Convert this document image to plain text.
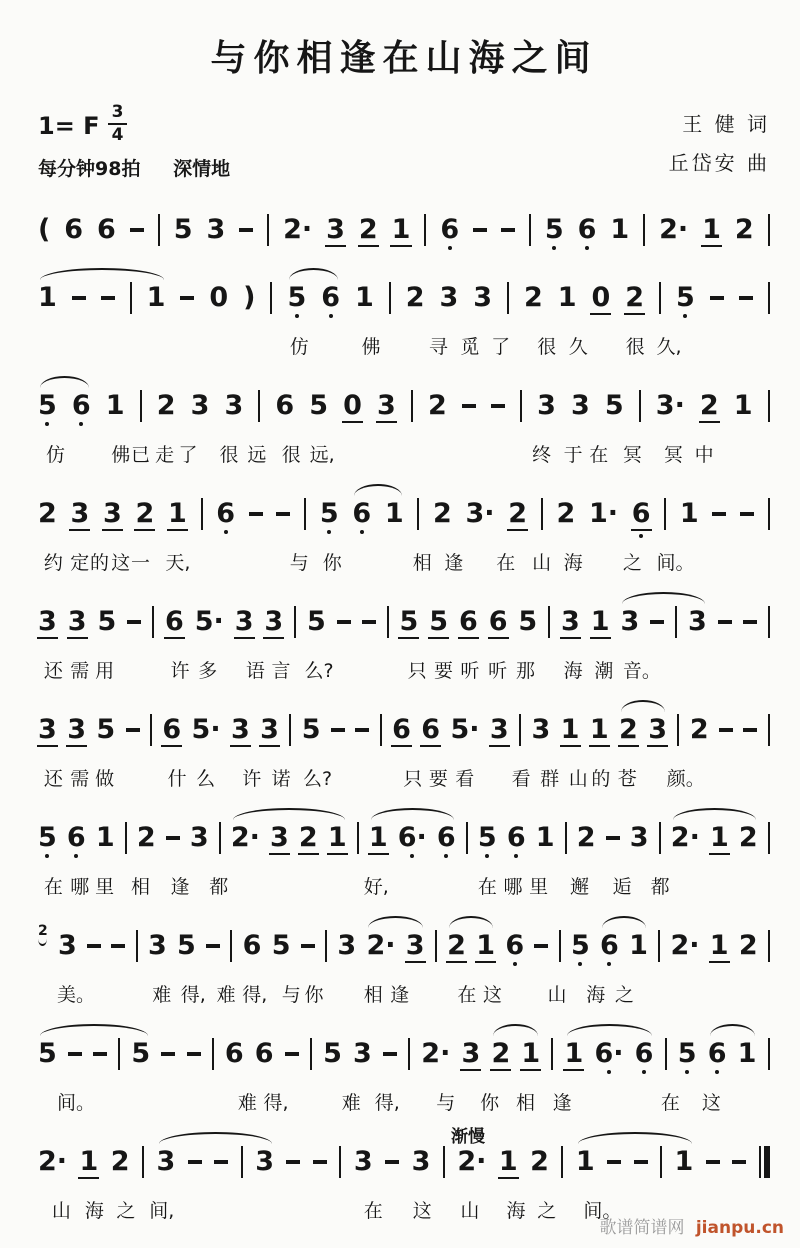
与你相逢在山海之间
1= F $\frac{3}{4}$
每分钟98拍 深情地
王 健 词
丘岱安 曲
( 6 6 5 3 2· 3 2 1 6	5 6 1 2· 1 2
1	1 0 ) 5 6 1 2 3 3 2 1 0 2 5
仿	佛	寻 觅 了 很 久 很 久,
5 6 1 2 3 3 6 5 0 3 2	3 3 5 3· 2 1
仿 佛 已 走 了 很 远 很 远,	终 于 在 冥 冥 中
2 3 3 2 1 6	5 6 1 2 3· 2 2 1· 6 1
约 定 的 这 一 天,	与 你	相 逢 在 山 海 之 间。
3 3 5 6 5· 3 3 5	5 5 6 6 5 3 1 3 3
还 需 用	许 多 语 言 么?	只 要 听 听 那 海 潮 音。
3 3 5 6 5· 3 3 5	6 6 5· 3 3 1 1 2 3 2
还 需 做	什 么 许 诺 么?	只 要 看 看 群 山 的 苍 颜。
5 6 1 2 3 2· 3 2 1 1 6· 6 5 6 1 2 3 2· 1 2
在 哪 里 相 逢 都	好,	在 哪 里 邂 逅 都
2 3	3 5 6 5 3 2· 3 2 1 6 5 6 1 2· 1 2
美。	难 得, 难 得, 与 你 相 逢	在 这 山 海 之
5	5	6 6 5 3 2· 3 2 1 1 6· 6 5 6 1
间。	难 得,	难 得, 与 你 相 逢	在 这
2· 1 2 3	3	3 3 2· 1 2 1	1
渐慢
山 海 之 间,	在 这 山 海 之 间。
歌谱简谱网 jianpu.cn
